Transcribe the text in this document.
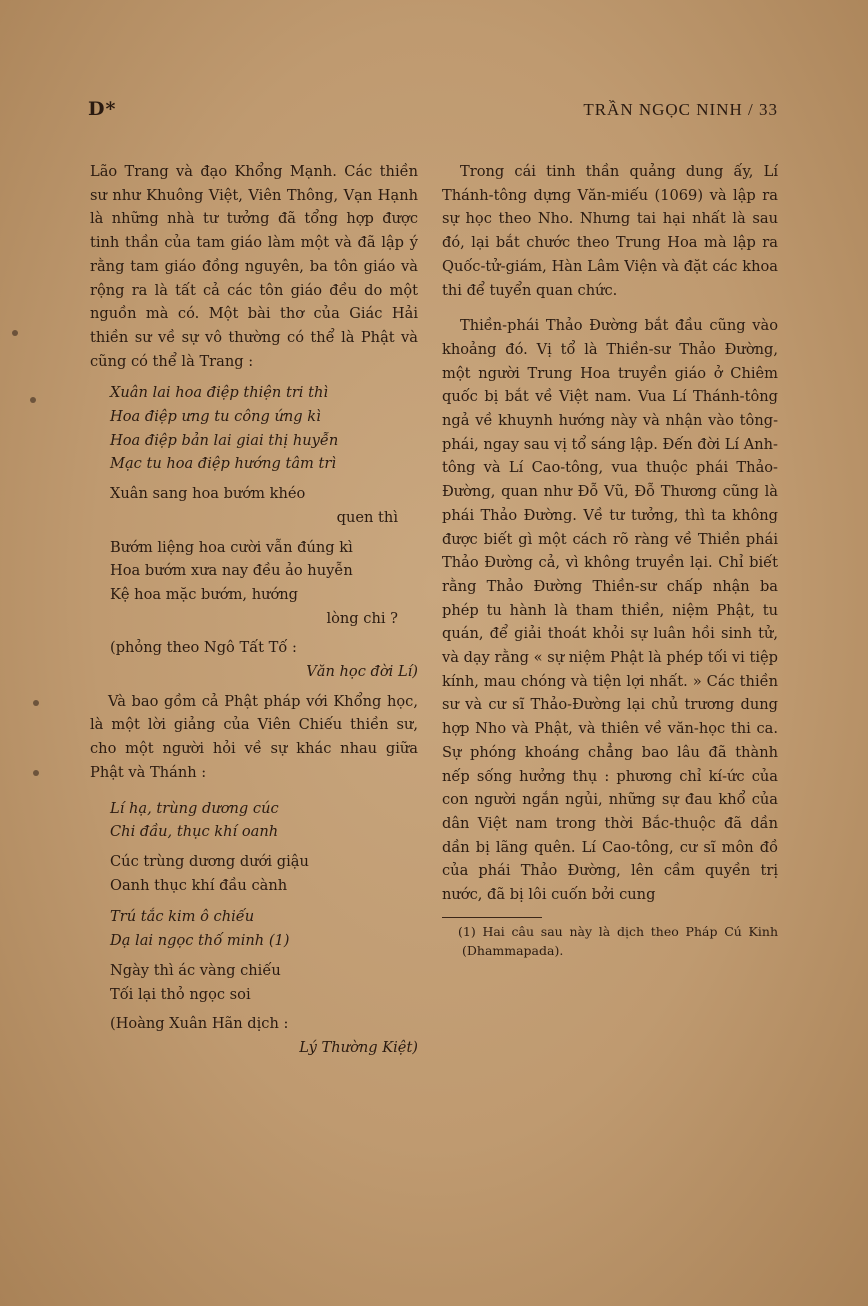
D*	TRẦN NGỌC NINH / 33

Lão Trang và đạo Khổng Mạnh. Các thiền sư như Khuông Việt, Viên Thông, Vạn Hạnh là những nhà tư tưởng đã tổng hợp được tinh thần của tam giáo làm một và đã lập ý rằng tam giáo đồng nguyên, ba tôn giáo và rộng ra là tất cả các tôn giáo đều do một nguồn mà có. Một bài thơ của Giác Hải thiền sư về sự vô thường có thể là Phật và cũng có thể là Trang :

Xuân lai hoa điệp thiện tri thì
Hoa điệp ưng tu công ứng kì
Hoa điệp bản lai giai thị huyễn
Mạc tu hoa điệp hướng tâm trì
Xuân sang hoa bướm khéo
quen thì
Bướm liệng hoa cười vẫn đúng kì
Hoa bướm xưa nay đều ảo huyễn
Kệ hoa mặc bướm, hướng
lòng chi ?
(phỏng theo Ngô Tất Tố :
Văn học đời Lí)

Và bao gồm cả Phật pháp với Khổng học, là một lời giảng của Viên Chiếu thiền sư, cho một người hỏi về sự khác nhau giữa Phật và Thánh :

Lí hạ, trùng dương cúc
Chi đầu, thục khí oanh
Cúc trùng dương dưới giậu
Oanh thục khí đầu cành
Trú tắc kim ô chiếu
Dạ lai ngọc thố minh (1)
Ngày thì ác vàng chiếu
Tối lại thỏ ngọc soi
(Hoàng Xuân Hãn dịch :
Lý Thường Kiệt)

Trong cái tinh thần quảng dung ấy, Lí Thánh-tông dựng Văn-miếu (1069) và lập ra sự học theo Nho. Nhưng tai hại nhất là sau đó, lại bắt chước theo Trung Hoa mà lập ra Quốc-tử-giám, Hàn Lâm Viện và đặt các khoa thi để tuyển quan chức.

Thiền-phái Thảo Đường bắt đầu cũng vào khoảng đó. Vị tổ là Thiền-sư Thảo Đường, một người Trung Hoa truyền giáo ở Chiêm quốc bị bắt về Việt nam. Vua Lí Thánh-tông ngả về khuynh hướng này và nhận vào tông-phái, ngay sau vị tổ sáng lập. Đến đời Lí Anh-tông và Lí Cao-tông, vua thuộc phái Thảo-Đường, quan như Đỗ Vũ, Đỗ Thương cũng là phái Thảo Đường. Về tư tưởng, thì ta không được biết gì một cách rõ ràng về Thiền phái Thảo Đường cả, vì không truyền lại. Chỉ biết rằng Thảo Đường Thiền-sư chấp nhận ba phép tu hành là tham thiền, niệm Phật, tu quán, để giải thoát khỏi sự luân hồi sinh tử, và dạy rằng « sự niệm Phật là phép tối vi tiệp kính, mau chóng và tiện lợi nhất. » Các thiền sư và cư sĩ Thảo-Đường lại chủ trương dung hợp Nho và Phật, và thiên về văn-học thi ca. Sự phóng khoáng chẳng bao lâu đã thành nếp sống hưởng thụ : phương chỉ kí-ức của con người ngắn ngủi, những sự đau khổ của dân Việt nam trong thời Bắc-thuộc đã dần dần bị lãng quên. Lí Cao-tông, cư sĩ môn đồ của phái Thảo Đường, lên cầm quyền trị nước, đã bị lôi cuốn bởi cung

(1) Hai câu sau này là dịch theo Pháp Cú Kinh (Dhammapada).
